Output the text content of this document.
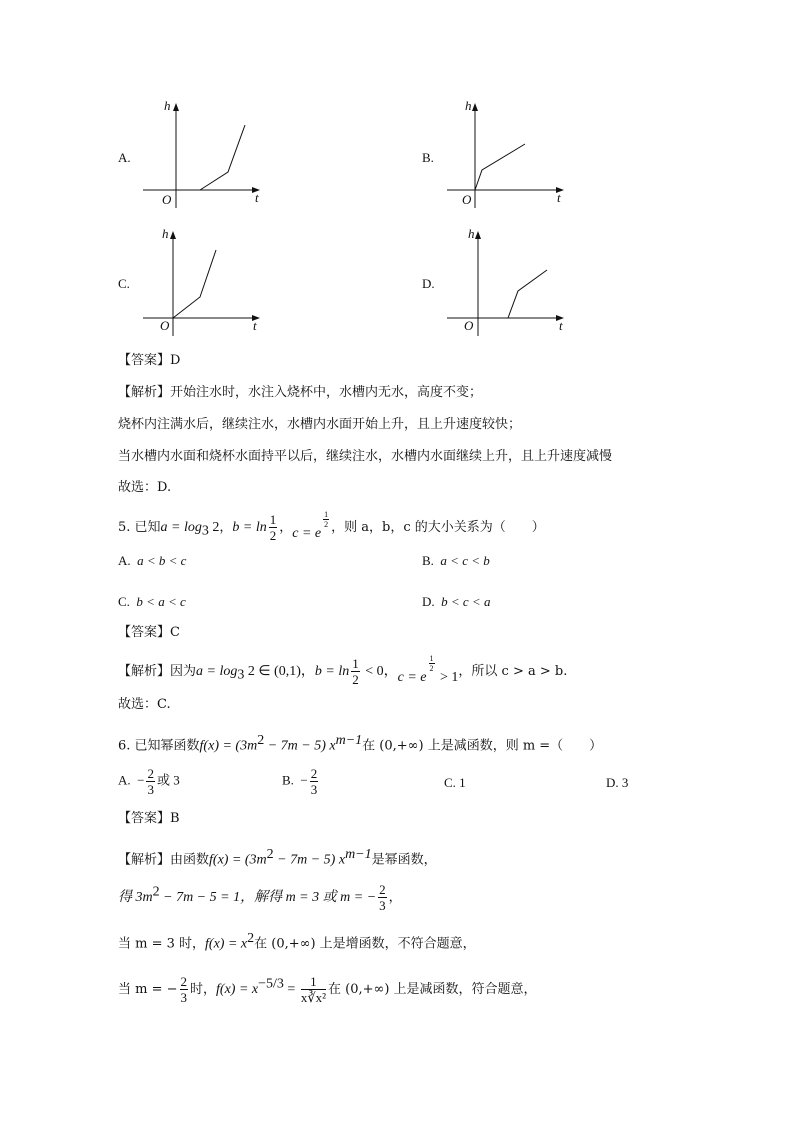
A.
h
O	t
B.
h
O	t
C.
h
O	t
D.
h
O	t
【答案】D
【解析】开始注水时，水注入烧杯中，水槽内无水，高度不变；
烧杯内注满水后，继续注水，水槽内水面开始上升，且上升速度较快；
当水槽内水面和烧杯水面持平以后，继续注水，水槽内水面继续上升，且上升速度减慢
故选：D.
5. 已知$a = \log_3 2$，$b = \ln \frac{1}{2}$ ，c = e
$^{\frac{1}{2}}$ ，则 a，b，c 的大小关系为（　　）
A. a < b < c	B. a < c < b
C. b < a < c	D. b < c < a
【答案】C
【解析】因为$a = \log_3 2$ ∈ (0,1)，$b = \ln \frac{1}{2} < 0$，c = e
$^{\frac{1}{2}}$
> 1，所以 c > a > b.
故选：C.
6. 已知幂函数$f(x) = (3m^2 - 7m - 5)$ $x^{m-1}$在 (0,+∞) 上是减函数，则 m =（　　）
A. − $\frac{2}{3}$ 或 3	B. − $\frac{2}{3}$	C. 1	D. 3
【答案】B
【解析】由函数$f(x) = (3m^2 - 7m - 5)$ $x^{m-1}$是幂函数，
得 $3m^2 - 7m - 5 = 1$，解得 m = 3 或 m = − $\frac{2}{3}$ ，
当 m = 3 时，$f(x) = x^2$在 (0,+∞) 上是增函数，不符合题意，
当 m = − $\frac{2}{3}$ 时，$f(x) = x^{-5/3} = \frac{1}{\text{x∛x²}}$ 在 (0,+∞) 上是减函数，符合题意，
